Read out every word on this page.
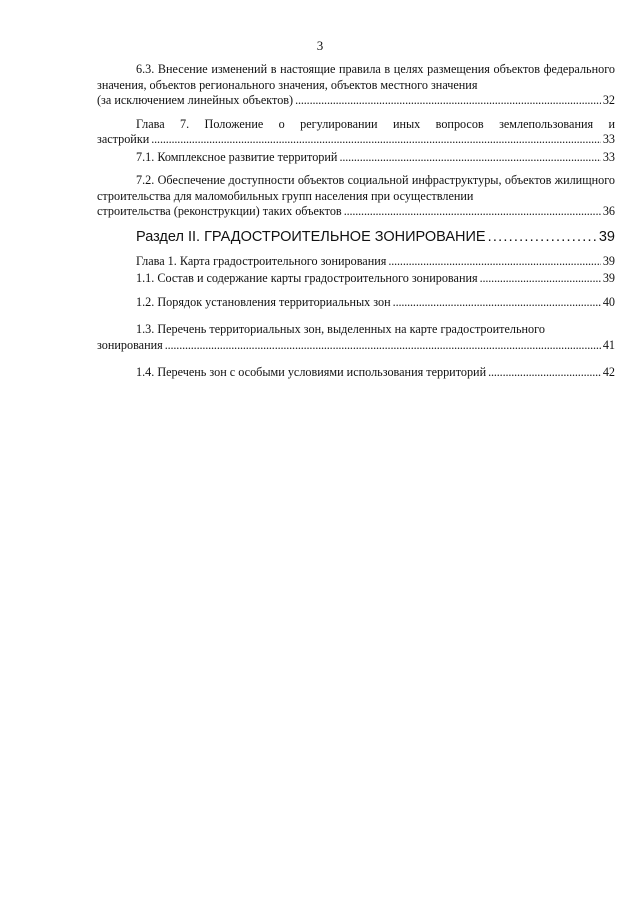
3
6.3. Внесение изменений в настоящие правила в целях размещения объектов федерального значения, объектов регионального значения, объектов местного значения
(за исключением линейных объектов) . . .	32
Глава 7. Положение о регулировании иных вопросов землепользования и
застройки . . .	33
7.1. Комплексное развитие территорий . . .	33
7.2. Обеспечение доступности объектов социальной инфраструктуры, объектов жилищного строительства для маломобильных групп населения при осуществлении
строительства (реконструкции) таких объектов . . .	36
Раздел II. ГРАДОСТРОИТЕЛЬНОЕ ЗОНИРОВАНИЕ . . .	39
Глава 1. Карта градостроительного зонирования . . .	39
1.1. Состав и содержание карты градостроительного зонирования . . .	39
1.2. Порядок установления территориальных зон . . .	40
1.3. Перечень территориальных зон, выделенных на карте градостроительного
зонирования . . .	41
1.4. Перечень зон с особыми условиями использования территорий . . .	42
